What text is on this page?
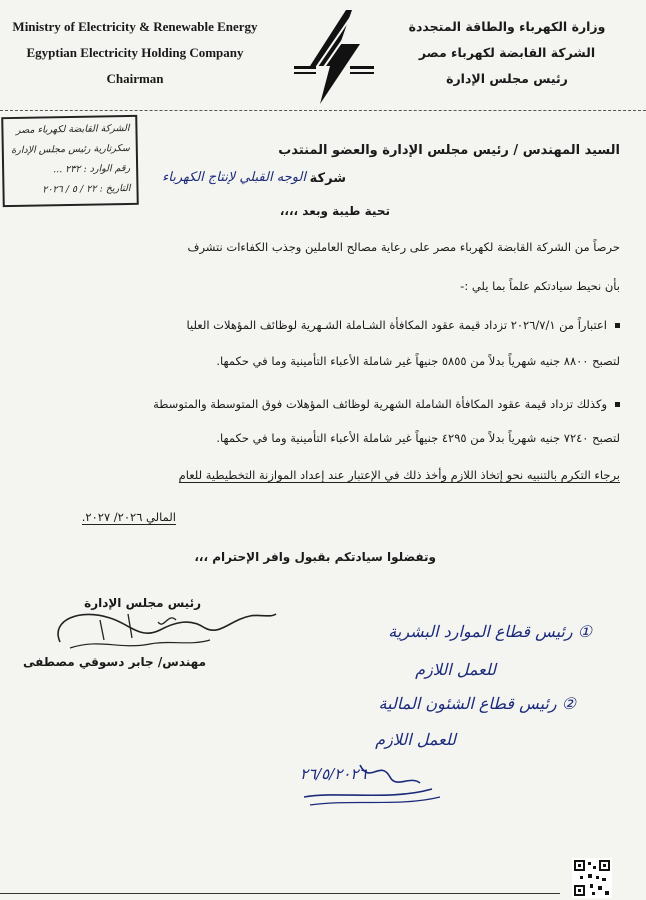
Ministry of Electricity & Renewable Energy
Egyptian Electricity Holding Company
Chairman
وزارة الكهرباء والطاقة المتجددة
الشركة القابضة لكهرباء مصر
رئيس مجلس الإدارة
الشركة القابضة لكهرباء مصر
سكرتارية رئيس مجلس الإدارة
رقم الوارد : ٢٣٢ ...
التاريخ : ٢٢ / ٥ / ٢٠٢٦
السيد المهندس / رئيس مجلس الإدارة والعضو المنتدب
شركة
الوجه القبلي لإنتاج الكهرباء
تحية طيبة وبعد ،،،،
حرصاً من الشركة القابضة لكهرباء مصر على رعاية مصالح العاملين وجذب الكفاءات نتشرف
بأن نحيط سيادتكم علماً بما يلي :-
اعتباراً من ٢٠٢٦/٧/١ تزداد قيمة عقود المكافأة الشـاملة الشـهرية لوظائف المؤهلات العليا
لتصبح ٨٨٠٠ جنيه شهرياً بدلاً من ٥٨٥٥ جنيهاً غير شاملة الأعباء التأمينية وما في حكمها.
وكذلك تزداد قيمة عقود المكافأة الشاملة الشهرية لوظائف المؤهلات فوق المتوسطة والمتوسطة
لتصبح ٧٢٤٠ جنيه شهرياً بدلاً من ٤٢٩٥ جنيهاً غير شاملة الأعباء التأمينية وما في حكمها.
برجاء التكرم بالتنبيه نحو إتخاذ اللازم وأخذ ذلك في الإعتبار عند إعداد الموازنة التخطيطية للعام
المالي ٢٠٢٦/ ٢٠٢٧.
وتفضلوا سيادتكم بقبول وافر الإحترام ،،،
رئيس مجلس الإدارة
مهندس/ جابر دسوقي مصطفى
① رئيس قطاع الموارد البشرية
للعمل اللازم
② رئيس قطاع الشئون المالية
للعمل اللازم
٢٦/٥/٢٠٢٦
